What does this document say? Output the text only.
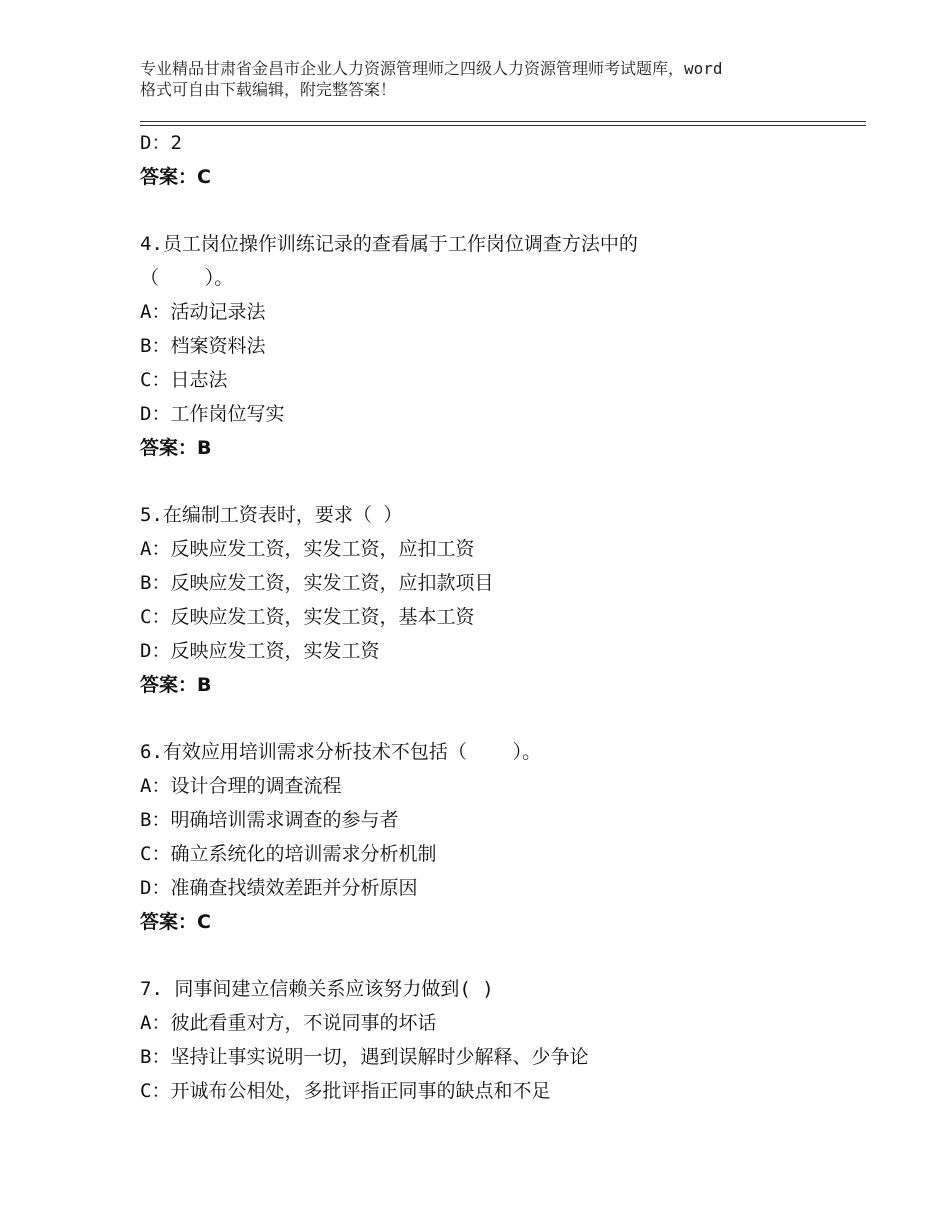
专业精品甘肃省金昌市企业人力资源管理师之四级人力资源管理师考试题库，word
格式可自由下载编辑，附完整答案！
D：2
答案：C
4.员工岗位操作训练记录的查看属于工作岗位调查方法中的
（    ）。
A：活动记录法
B：档案资料法
C：日志法
D：工作岗位写实
答案：B
5.在编制工资表时，要求（ ）
A：反映应发工资，实发工资，应扣工资
B：反映应发工资，实发工资，应扣款项目
C：反映应发工资，实发工资，基本工资
D：反映应发工资，实发工资
答案：B
6.有效应用培训需求分析技术不包括（    ）。
A：设计合理的调查流程
B：明确培训需求调查的参与者
C：确立系统化的培训需求分析机制
D：准确查找绩效差距并分析原因
答案：C
7. 同事间建立信赖关系应该努力做到( )
A：彼此看重对方，不说同事的坏话
B：坚持让事实说明一切，遇到误解时少解释、少争论
C：开诚布公相处，多批评指正同事的缺点和不足
